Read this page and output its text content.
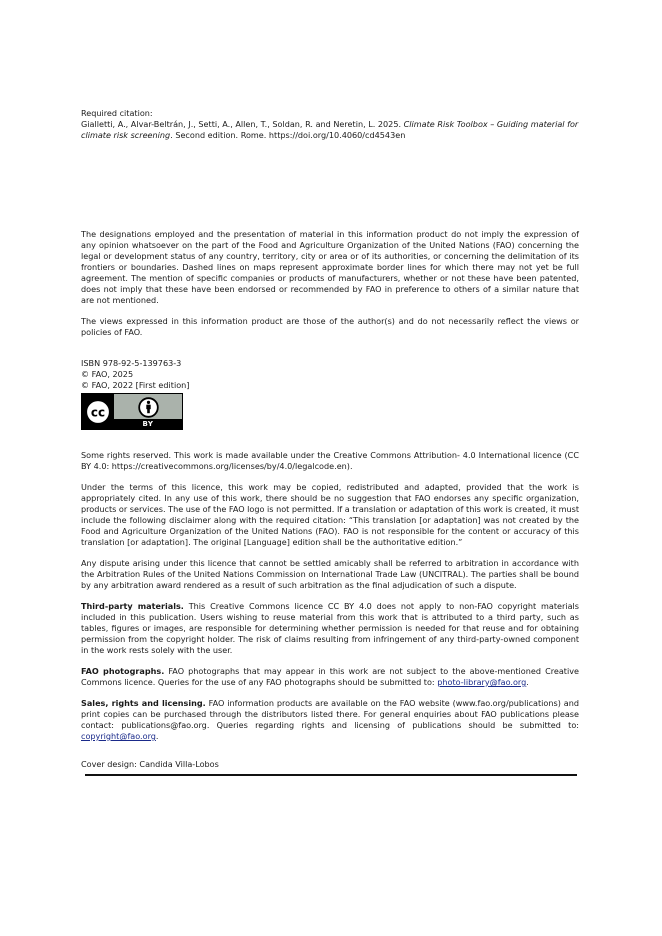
Required citation:

Gialletti, A., Alvar-Beltrán, J., Setti, A., Allen, T., Soldan, R. and Neretin, L. 2025. Climate Risk Toolbox – Guiding material for climate risk screening. Second edition. Rome. https://doi.org/10.4060/cd4543en

The designations employed and the presentation of material in this information product do not imply the expression of any opinion whatsoever on the part of the Food and Agriculture Organization of the United Nations (FAO) concerning the legal or development status of any country, territory, city or area or of its authorities, or concerning the delimitation of its frontiers or boundaries. Dashed lines on maps represent approximate border lines for which there may not yet be full agreement. The mention of specific companies or products of manufacturers, whether or not these have been patented, does not imply that these have been endorsed or recommended by FAO in preference to others of a similar nature that are not mentioned.

The views expressed in this information product are those of the author(s) and do not necessarily reflect the views or policies of FAO.

ISBN 978-92-5-139763-3
© FAO, 2025
© FAO, 2022 [First edition]
cc
BY

Some rights reserved. This work is made available under the Creative Commons Attribution- 4.0 International licence (CC BY 4.0: https://creativecommons.org/licenses/by/4.0/legalcode.en).

Under the terms of this licence, this work may be copied, redistributed and adapted, provided that the work is appropriately cited. In any use of this work, there should be no suggestion that FAO endorses any specific organization, products or services. The use of the FAO logo is not permitted. If a translation or adaptation of this work is created, it must include the following disclaimer along with the required citation: “This translation [or adaptation] was not created by the Food and Agriculture Organization of the United Nations (FAO). FAO is not responsible for the content or accuracy of this translation [or adaptation]. The original [Language] edition shall be the authoritative edition.”

Any dispute arising under this licence that cannot be settled amicably shall be referred to arbitration in accordance with the Arbitration Rules of the United Nations Commission on International Trade Law (UNCITRAL). The parties shall be bound by any arbitration award rendered as a result of such arbitration as the final adjudication of such a dispute.

Third-party materials. This Creative Commons licence CC BY 4.0 does not apply to non-FAO copyright materials included in this publication. Users wishing to reuse material from this work that is attributed to a third party, such as tables, figures or images, are responsible for determining whether permission is needed for that reuse and for obtaining permission from the copyright holder. The risk of claims resulting from infringement of any third-party-owned component in the work rests solely with the user.

FAO photographs. FAO photographs that may appear in this work are not subject to the above-mentioned Creative Commons licence. Queries for the use of any FAO photographs should be submitted to: photo-library@fao.org.

Sales, rights and licensing. FAO information products are available on the FAO website (www.fao.org/publications) and print copies can be purchased through the distributors listed there. For general enquiries about FAO publications please contact: publications@fao.org. Queries regarding rights and licensing of publications should be submitted to: copyright@fao.org.

Cover design: Candida Villa-Lobos
